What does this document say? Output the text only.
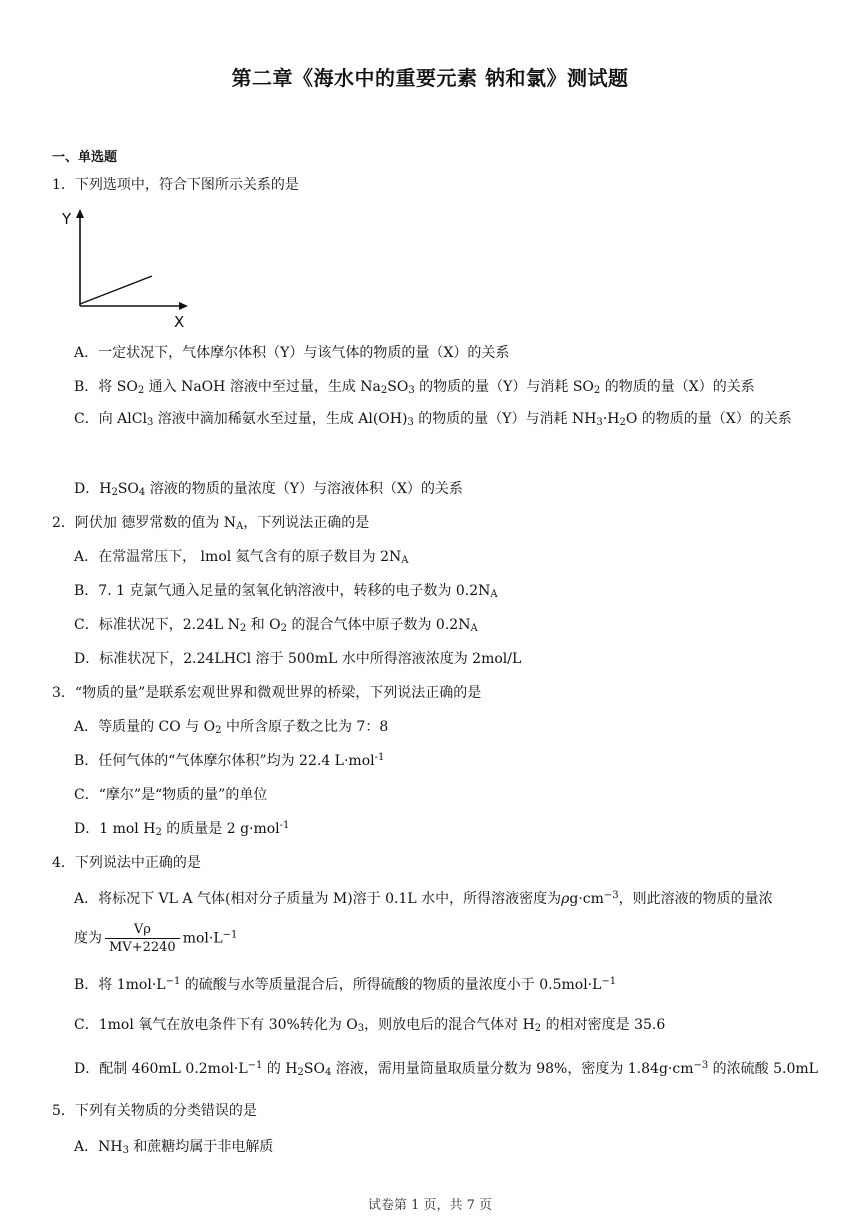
第二章《海水中的重要元素 钠和氯》测试题
一、单选题
1．下列选项中，符合下图所示关系的是
Y
X
A．一定状况下，气体摩尔体积（Y）与该气体的物质的量（X）的关系
B．将 $SO_2$ 通入 NaOH 溶液中至过量，生成 $Na_2SO_3$ 的物质的量（Y）与消耗 $SO_2$ 的物质的量（X）的关系
C．向 AlCl$_3$ 溶液中滴加稀氨水至过量，生成 $Al(OH)_3$ 的物质的量（Y）与消耗 $NH_3\cdot H_2O$ 的物质的量（X）的关系
D．$H_2SO_4$ 溶液的物质的量浓度（Y）与溶液体积（X）的关系
2．阿伏加 德罗常数的值为 $N_A$，下列说法正确的是
A．在常温常压下， lmol 氦气含有的原子数目为 $2N_A$
B．7. 1 克氯气通入足量的氢氧化钠溶液中，转移的电子数为 $0.2N_A$
C．标准状况下，2.24L $N_2$ 和 $O_2$ 的混合气体中原子数为 $0.2N_A$
D．标准状况下，2.24LHCl 溶于 500mL 水中所得溶液浓度为 2mol/L
3．“物质的量”是联系宏观世界和微观世界的桥梁，下列说法正确的是
A．等质量的 CO 与 $O_2$ 中所含原子数之比为 7：8
B．任何气体的“气体摩尔体积”均为 22.4 L·mol$^{-1}$
C．“摩尔”是“物质的量”的单位
D．1 mol $H_2$ 的质量是 2 g·mol$^{-1}$
4．下列说法中正确的是
A．将标况下 VL A 气体(相对分子质量为 M)溶于 0.1L 水中，所得溶液密度为$\rho g\cdot cm^{-3}$，则此溶液的物质的量浓
度为 $\frac{V\rho}{MV+2240} mol\cdot L^{-1}$
B．将 $1mol\cdot L^{-1}$ 的硫酸与水等质量混合后，所得硫酸的物质的量浓度小于 $0.5mol\cdot L^{-1}$
C．1mol 氧气在放电条件下有 30%转化为 $O_3$，则放电后的混合气体对 $H_2$ 的相对密度是 35.6
D．配制 460mL $0.2mol\cdot L^{-1}$ 的 $H_2SO_4$ 溶液，需用量筒量取质量分数为 98%，密度为 $1.84g\cdot cm^{-3}$ 的浓硫酸 5.0mL
5．下列有关物质的分类错误的是
A．$NH_3$ 和蔗糖均属于非电解质
试卷第 1 页，共 7 页
